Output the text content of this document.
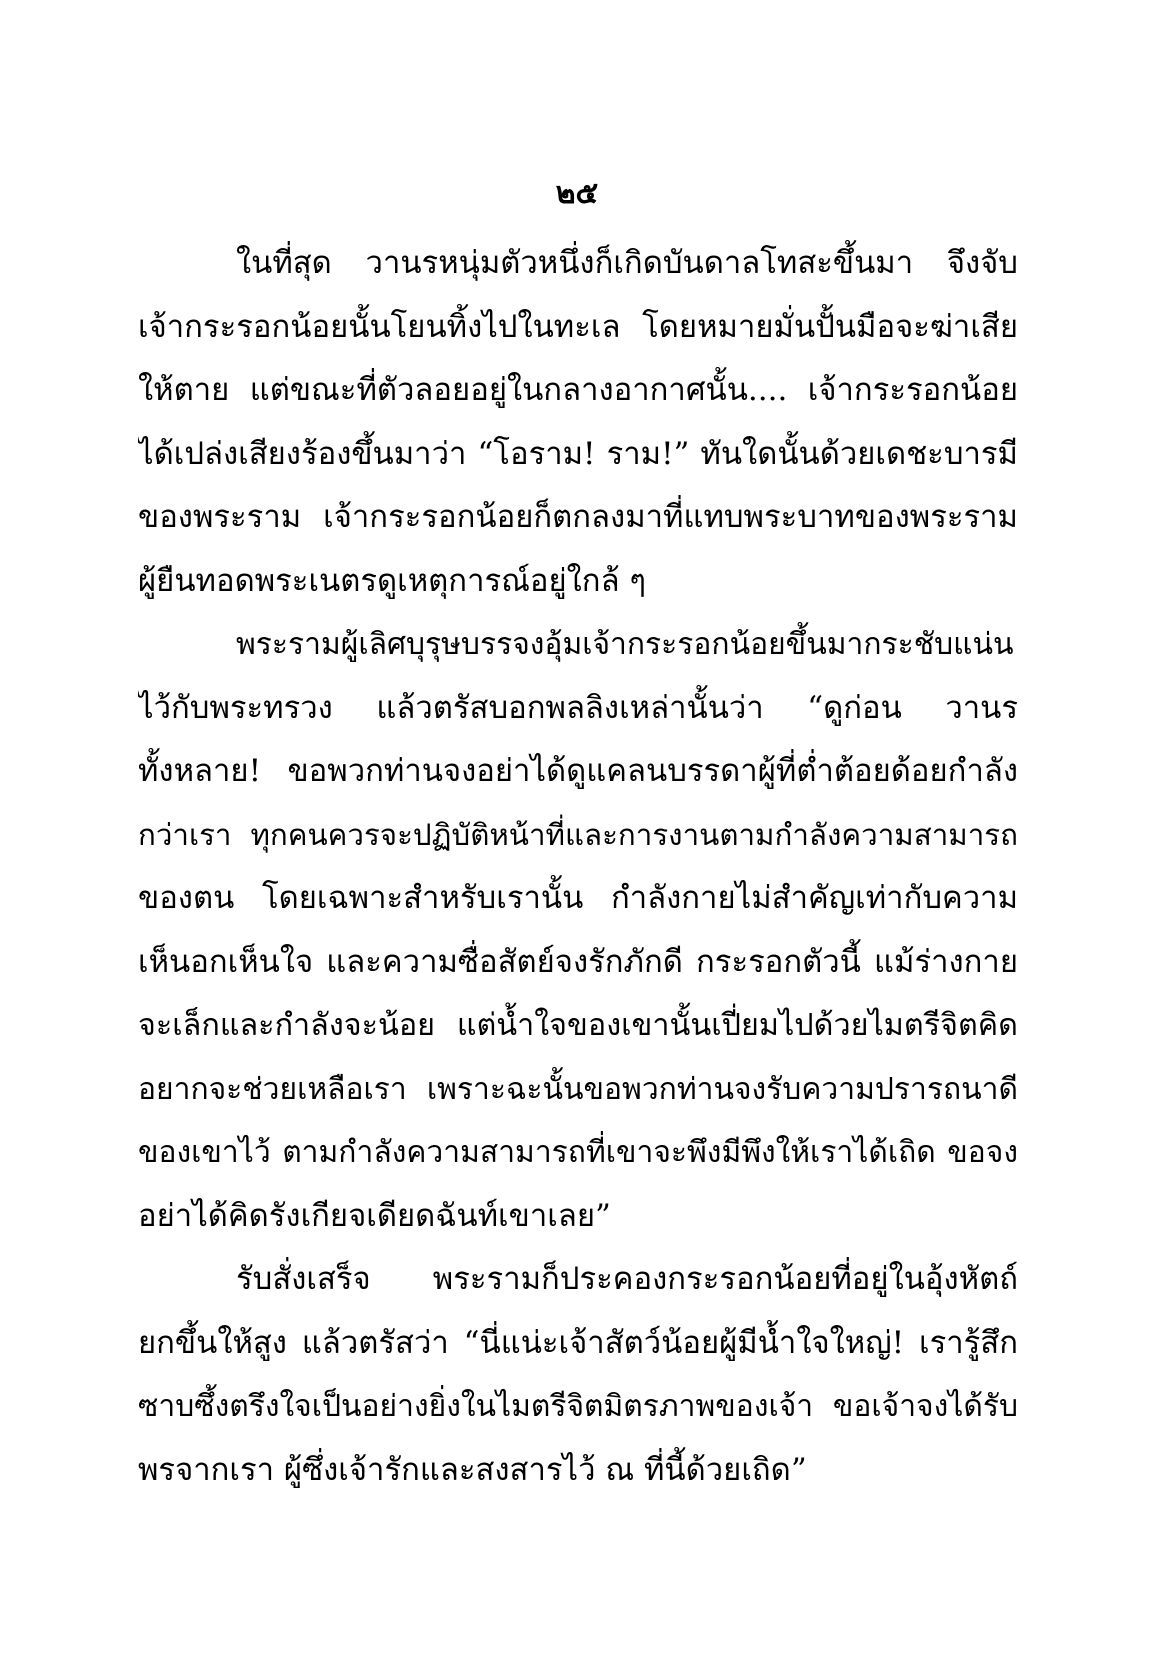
๒๕
ในที่สุด วานรหนุ่มตัวหนึ่งก็เกิดบันดาลโทสะขึ้นมา จึงจับ
เจ้ากระรอกน้อยนั้นโยนทิ้งไปในทะเล โดยหมายมั่นปั้นมือจะฆ่าเสีย
ให้ตาย แต่ขณะที่ตัวลอยอยู่ในกลางอากาศนั้น.... เจ้ากระรอกน้อย
ได้เปล่งเสียงร้องขึ้นมาว่า “โอราม! ราม!” ทันใดนั้นด้วยเดชะบารมี
ของพระราม เจ้ากระรอกน้อยก็ตกลงมาที่แทบพระบาทของพระราม
ผู้ยืนทอดพระเนตรดูเหตุการณ์อยู่ใกล้ ๆ
พระรามผู้เลิศบุรุษบรรจงอุ้มเจ้ากระรอกน้อยขึ้นมากระชับแน่น
ไว้กับพระทรวง แล้วตรัสบอกพลลิงเหล่านั้นว่า “ดูก่อน วานร
ทั้งหลาย! ขอพวกท่านจงอย่าได้ดูแคลนบรรดาผู้ที่ต่ำต้อยด้อยกำลัง
กว่าเรา ทุกคนควรจะปฏิบัติหน้าที่และการงานตามกำลังความสามารถ
ของตน โดยเฉพาะสำหรับเรานั้น กำลังกายไม่สำคัญเท่ากับความ
เห็นอกเห็นใจ และความซื่อสัตย์จงรักภักดี กระรอกตัวนี้ แม้ร่างกาย
จะเล็กและกำลังจะน้อย แต่น้ำใจของเขานั้นเปี่ยมไปด้วยไมตรีจิตคิด
อยากจะช่วยเหลือเรา เพราะฉะนั้นขอพวกท่านจงรับความปรารถนาดี
ของเขาไว้ ตามกำลังความสามารถที่เขาจะพึงมีพึงให้เราได้เถิด ขอจง
อย่าได้คิดรังเกียจเดียดฉันท์เขาเลย”
รับสั่งเสร็จ พระรามก็ประคองกระรอกน้อยที่อยู่ในอุ้งหัตถ์
ยกขึ้นให้สูง แล้วตรัสว่า “นี่แน่ะเจ้าสัตว์น้อยผู้มีน้ำใจใหญ่! เรารู้สึก
ซาบซึ้งตรึงใจเป็นอย่างยิ่งในไมตรีจิตมิตรภาพของเจ้า ขอเจ้าจงได้รับ
พรจากเรา ผู้ซึ่งเจ้ารักและสงสารไว้ ณ ที่นี้ด้วยเถิด”
